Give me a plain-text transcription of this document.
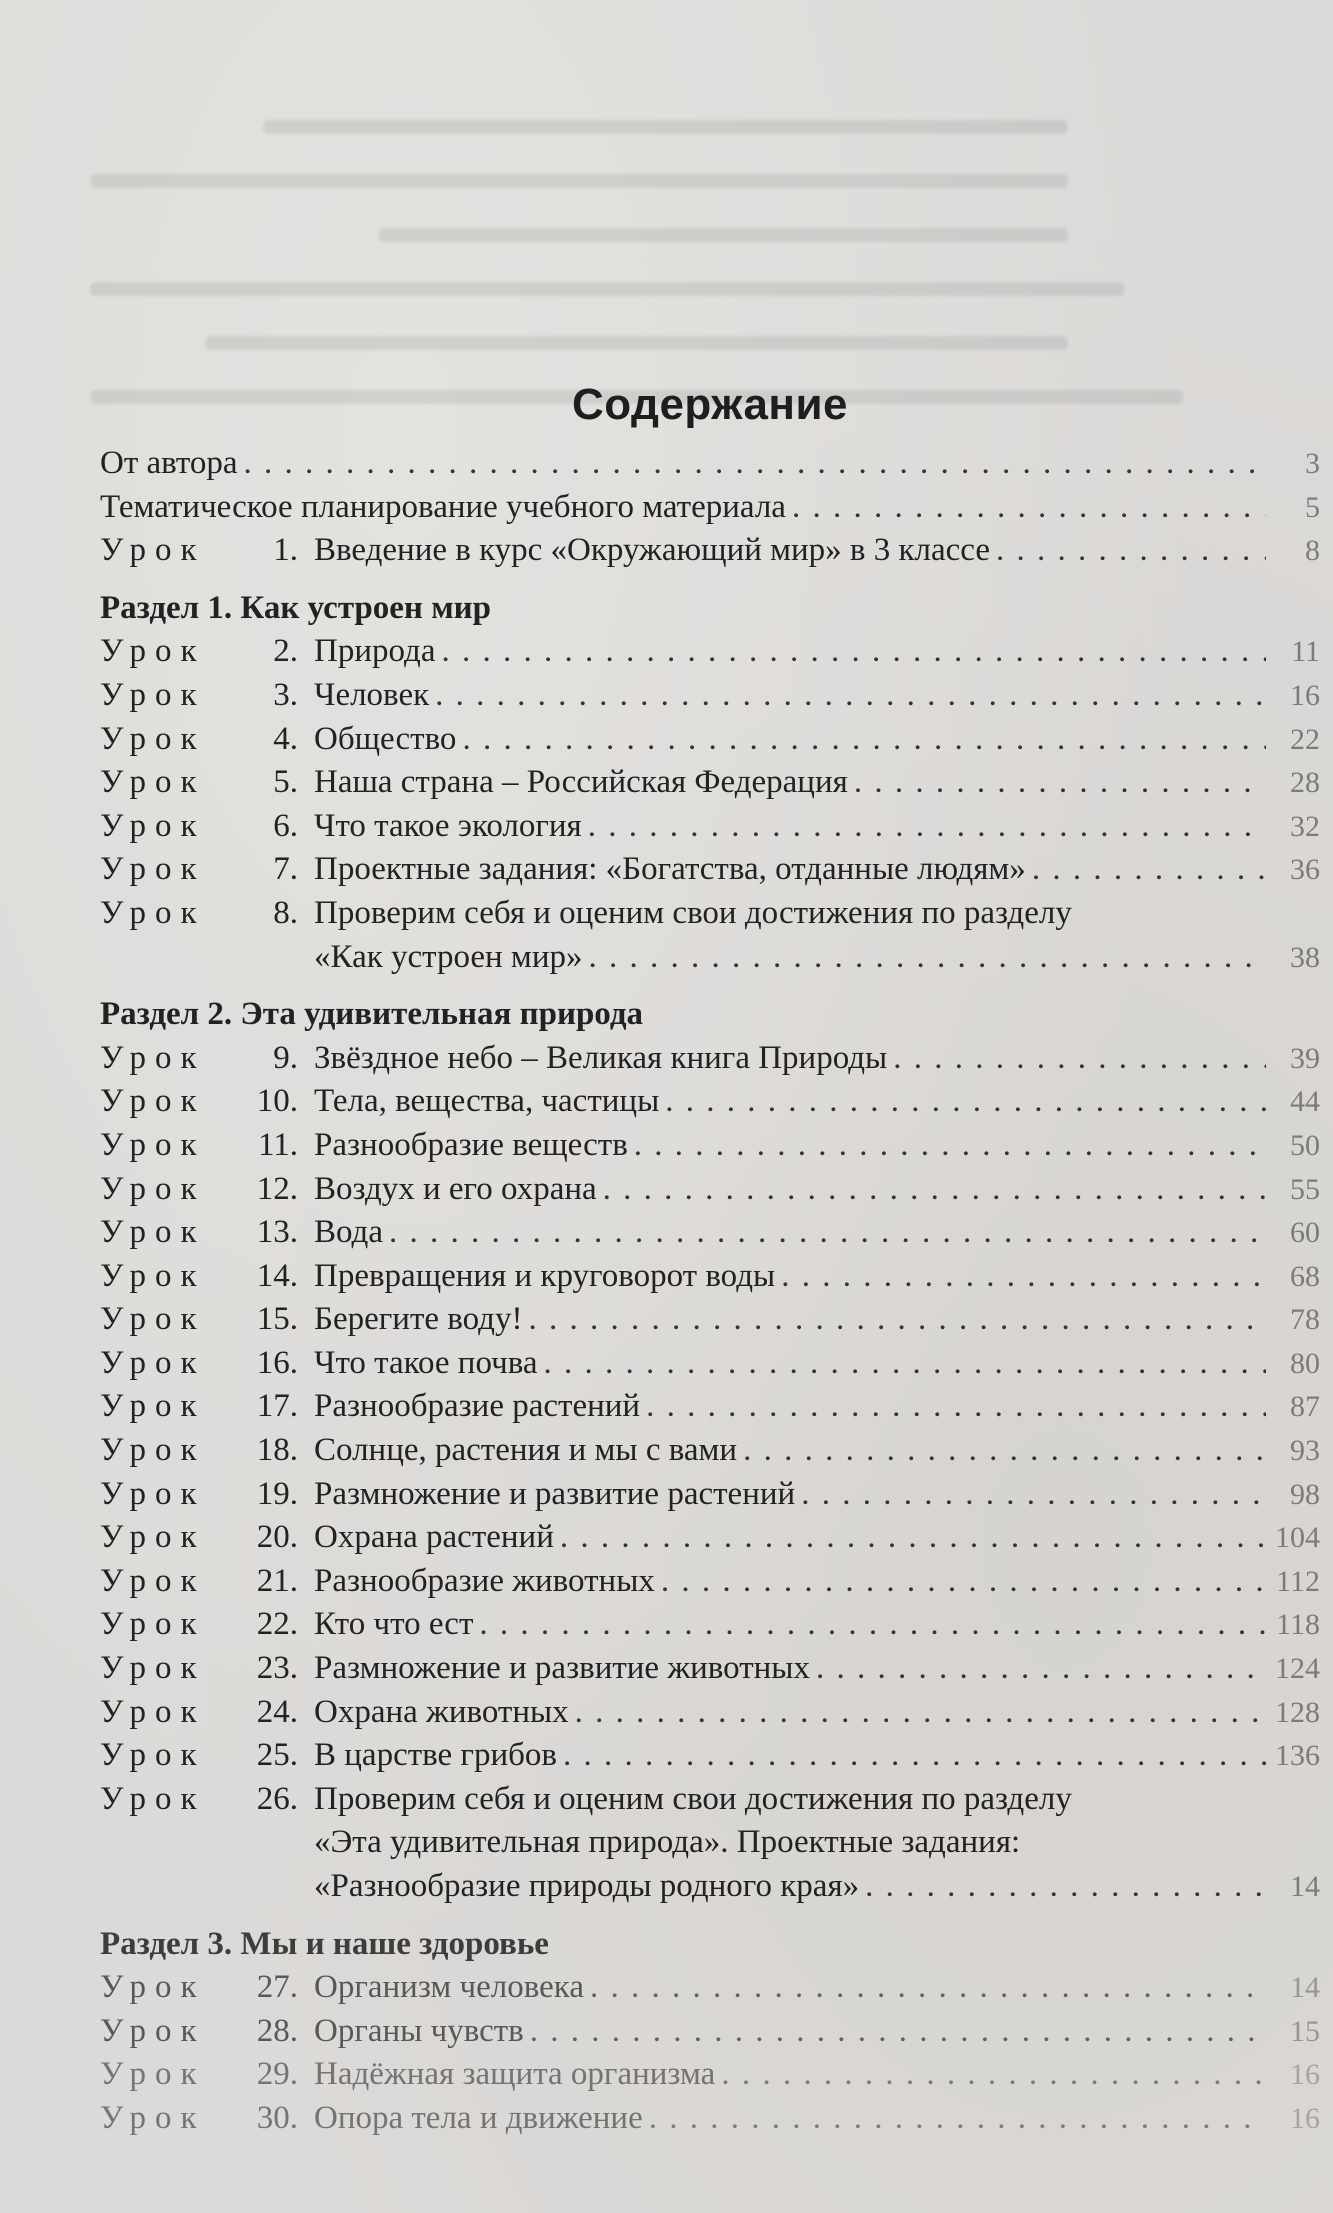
Содержание
От автора . . .	3
Тематическое планирование учебного материала . . .	5
Урок	1. Введение в курс «Окружающий мир» в 3 классе . . .	8
Раздел 1. Как устроен мир
Урок	2. Природа . . .	11
Урок	3. Человек . . .	16
Урок	4. Общество . . .	22
Урок	5. Наша страна – Российская Федерация . . .	28
Урок	6. Что такое экология . . .	32
Урок	7. Проектные задания: «Богатства, отданные людям» . . .	36
Урок	8. Проверим себя и оценим свои достижения по разделу
«Как устроен мир» . . .	38
Раздел 2. Эта удивительная природа
Урок	9. Звёздное небо – Великая книга Природы . . .	39
Урок	10. Тела, вещества, частицы . . .	44
Урок	11. Разнообразие веществ . . .	50
Урок	12. Воздух и его охрана . . .	55
Урок	13. Вода . . .	60
Урок	14. Превращения и круговорот воды . . .	68
Урок	15. Берегите воду! . . .	78
Урок	16. Что такое почва . . .	80
Урок	17. Разнообразие растений . . .	87
Урок	18. Солнце, растения и мы с вами . . .	93
Урок	19. Размножение и развитие растений . . .	98
Урок	20. Охрана растений . . .	104
Урок	21. Разнообразие животных . . .	112
Урок	22. Кто что ест . . .	118
Урок	23. Размножение и развитие животных . . .	124
Урок	24. Охрана животных . . .	128
Урок	25. В царстве грибов . . .	136
Урок	26. Проверим себя и оценим свои достижения по разделу
«Эта удивительная природа». Проектные задания:
«Разнообразие природы родного края» . . .	14
Раздел 3. Мы и наше здоровье
Урок	27. Организм человека . . .	14
Урок	28. Органы чувств . . .	15
Урок	29. Надёжная защита организма . . .	16
Урок	30. Опора тела и движение . . .	16
